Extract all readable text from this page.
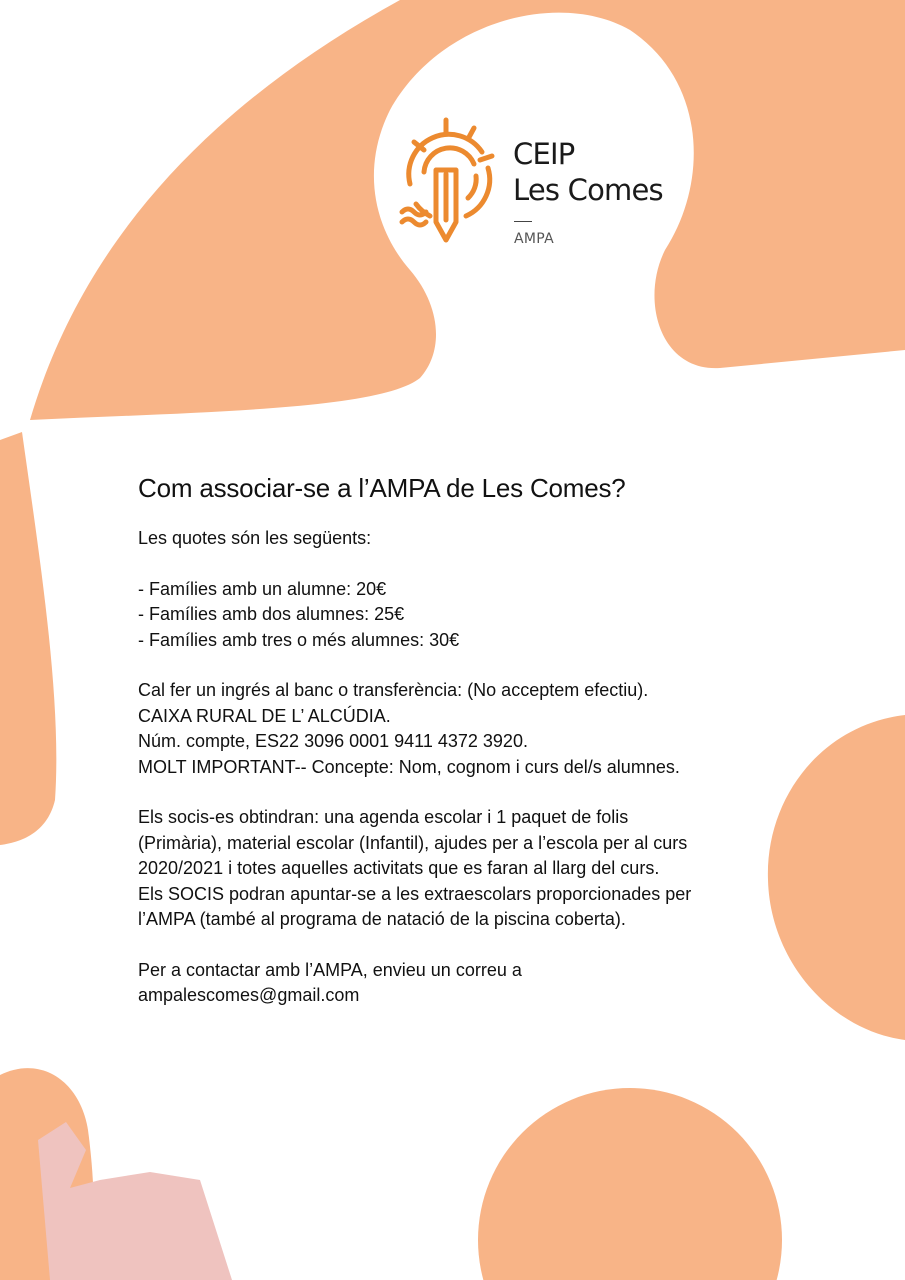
CEIP
Les Comes
AMPA
Com associar-se a l’AMPA de Les Comes?
Les quotes són les següents:
- Famílies amb un alumne: 20€
- Famílies amb dos alumnes: 25€
- Famílies amb tres o més alumnes: 30€
Cal fer un ingrés al banc o transferència: (No acceptem efectiu).
CAIXA RURAL DE L’ ALCÚDIA.
Núm. compte, ES22 3096 0001 9411 4372 3920.
MOLT IMPORTANT-- Concepte: Nom, cognom i curs del/s alumnes.
Els socis-es obtindran: una agenda escolar i 1 paquet de folis
(Primària), material escolar (Infantil), ajudes per a l’escola per al curs
2020/2021 i totes aquelles activitats que es faran al llarg del curs.
Els SOCIS podran apuntar-se a les extraescolars proporcionades per
l’AMPA (també al programa de natació de la piscina coberta).
Per a contactar amb l’AMPA, envieu un correu a
ampalescomes@gmail.com
